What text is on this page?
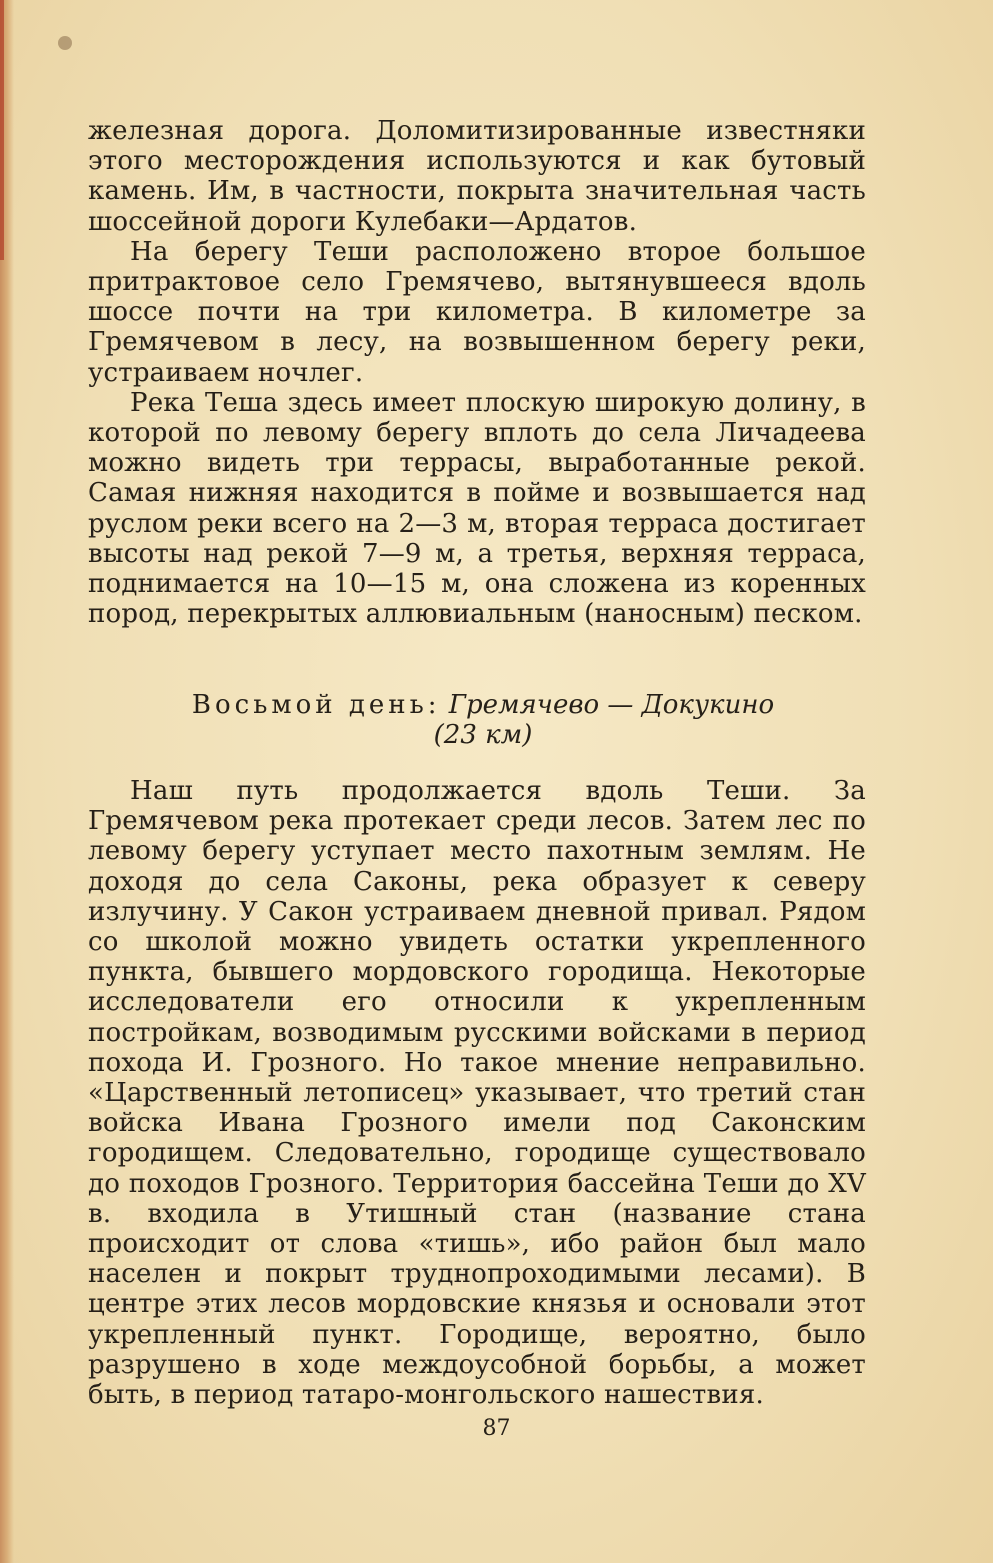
железная дорога. Доломитизированные известняки этого месторождения используются и как бутовый камень. Им, в частности, покрыта значительная часть шоссейной дороги Кулебаки—Ардатов.

На берегу Теши расположено второе большое притрактовое село Гремячево, вытянувшееся вдоль шоссе почти на три километра. В километре за Гремячевом в лесу, на возвышенном берегу реки, устраиваем ночлег.

Река Теша здесь имеет плоскую широкую долину, в которой по левому берегу вплоть до села Личадеева можно видеть три террасы, выработанные рекой. Самая нижняя находится в пойме и возвышается над руслом реки всего на 2—3 м, вторая терраса достигает высоты над рекой 7—9 м, а третья, верхняя терраса, поднимается на 10—15 м, она сложена из коренных пород, перекрытых аллювиальным (наносным) песком.

Восьмой день: Гремячево — Докукино
(23 км)

Наш путь продолжается вдоль Теши. За Гремячевом река протекает среди лесов. Затем лес по левому берегу уступает место пахотным землям. Не доходя до села Саконы, река образует к северу излучину. У Сакон устраиваем дневной привал. Рядом со школой можно увидеть остатки укрепленного пункта, бывшего мордовского городища. Некоторые исследователи его относили к укрепленным постройкам, возводимым русскими войсками в период похода И. Грозного. Но такое мнение неправильно. «Царственный летописец» указывает, что третий стан войска Ивана Грозного имели под Саконским городищем. Следовательно, городище существовало до походов Грозного. Территория бассейна Теши до XV в. входила в Утишный стан (название стана происходит от слова «тишь», ибо район был мало населен и покрыт труднопроходимыми лесами). В центре этих лесов мордовские князья и основали этот укрепленный пункт. Городище, вероятно, было разрушено в ходе междоусобной борьбы, а может быть, в период татаро-монгольского нашествия.

87
